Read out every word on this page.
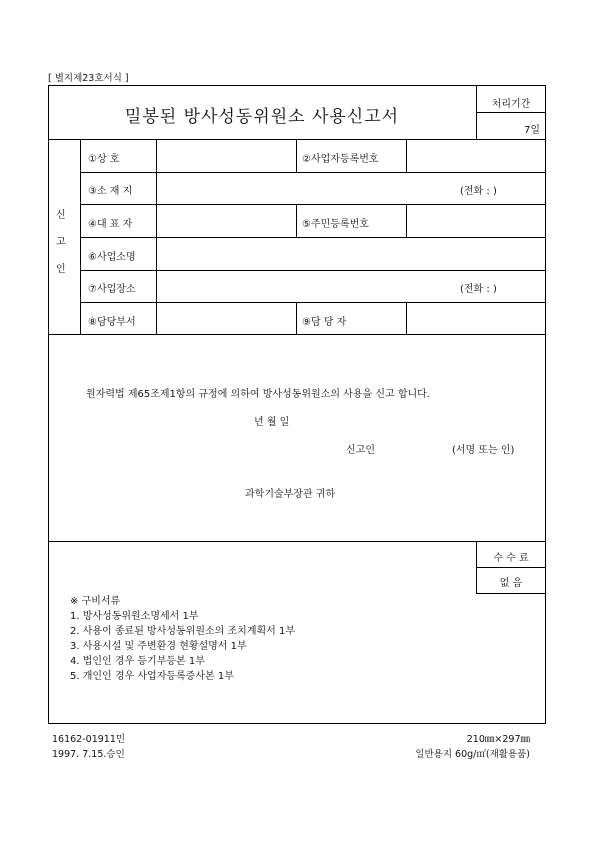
[ 별지제23호서식 ]
밀봉된 방사성동위원소 사용신고서
처리기간
7일
신
고
인
①상 호	②사업자등록번호
③소 재 지	(전화 : )
④대 표 자	⑤주민등록번호
⑥사업소명
⑦사업장소	(전화 : )
⑧담당부서	⑨담 당 자
원자력법 제65조제1항의 규정에 의하여 방사성동위원소의 사용을 신고 합니다.
년 월 일
신고인	(서명 또는 인)
과학기술부장관 귀하
수 수 료
없 음
※ 구비서류
1. 방사성동위원소명세서 1부
2. 사용이 종료된 방사성동위원소의 조치계획서 1부
3. 사용시설 및 주변환경 현황설명서 1부
4. 법인인 경우 등기부등본 1부
5. 개인인 경우 사업자등록증사본 1부
16162-01911민
1997. 7.15.승인
210㎜×297㎜
일반용지 60g/㎡(재활용품)
